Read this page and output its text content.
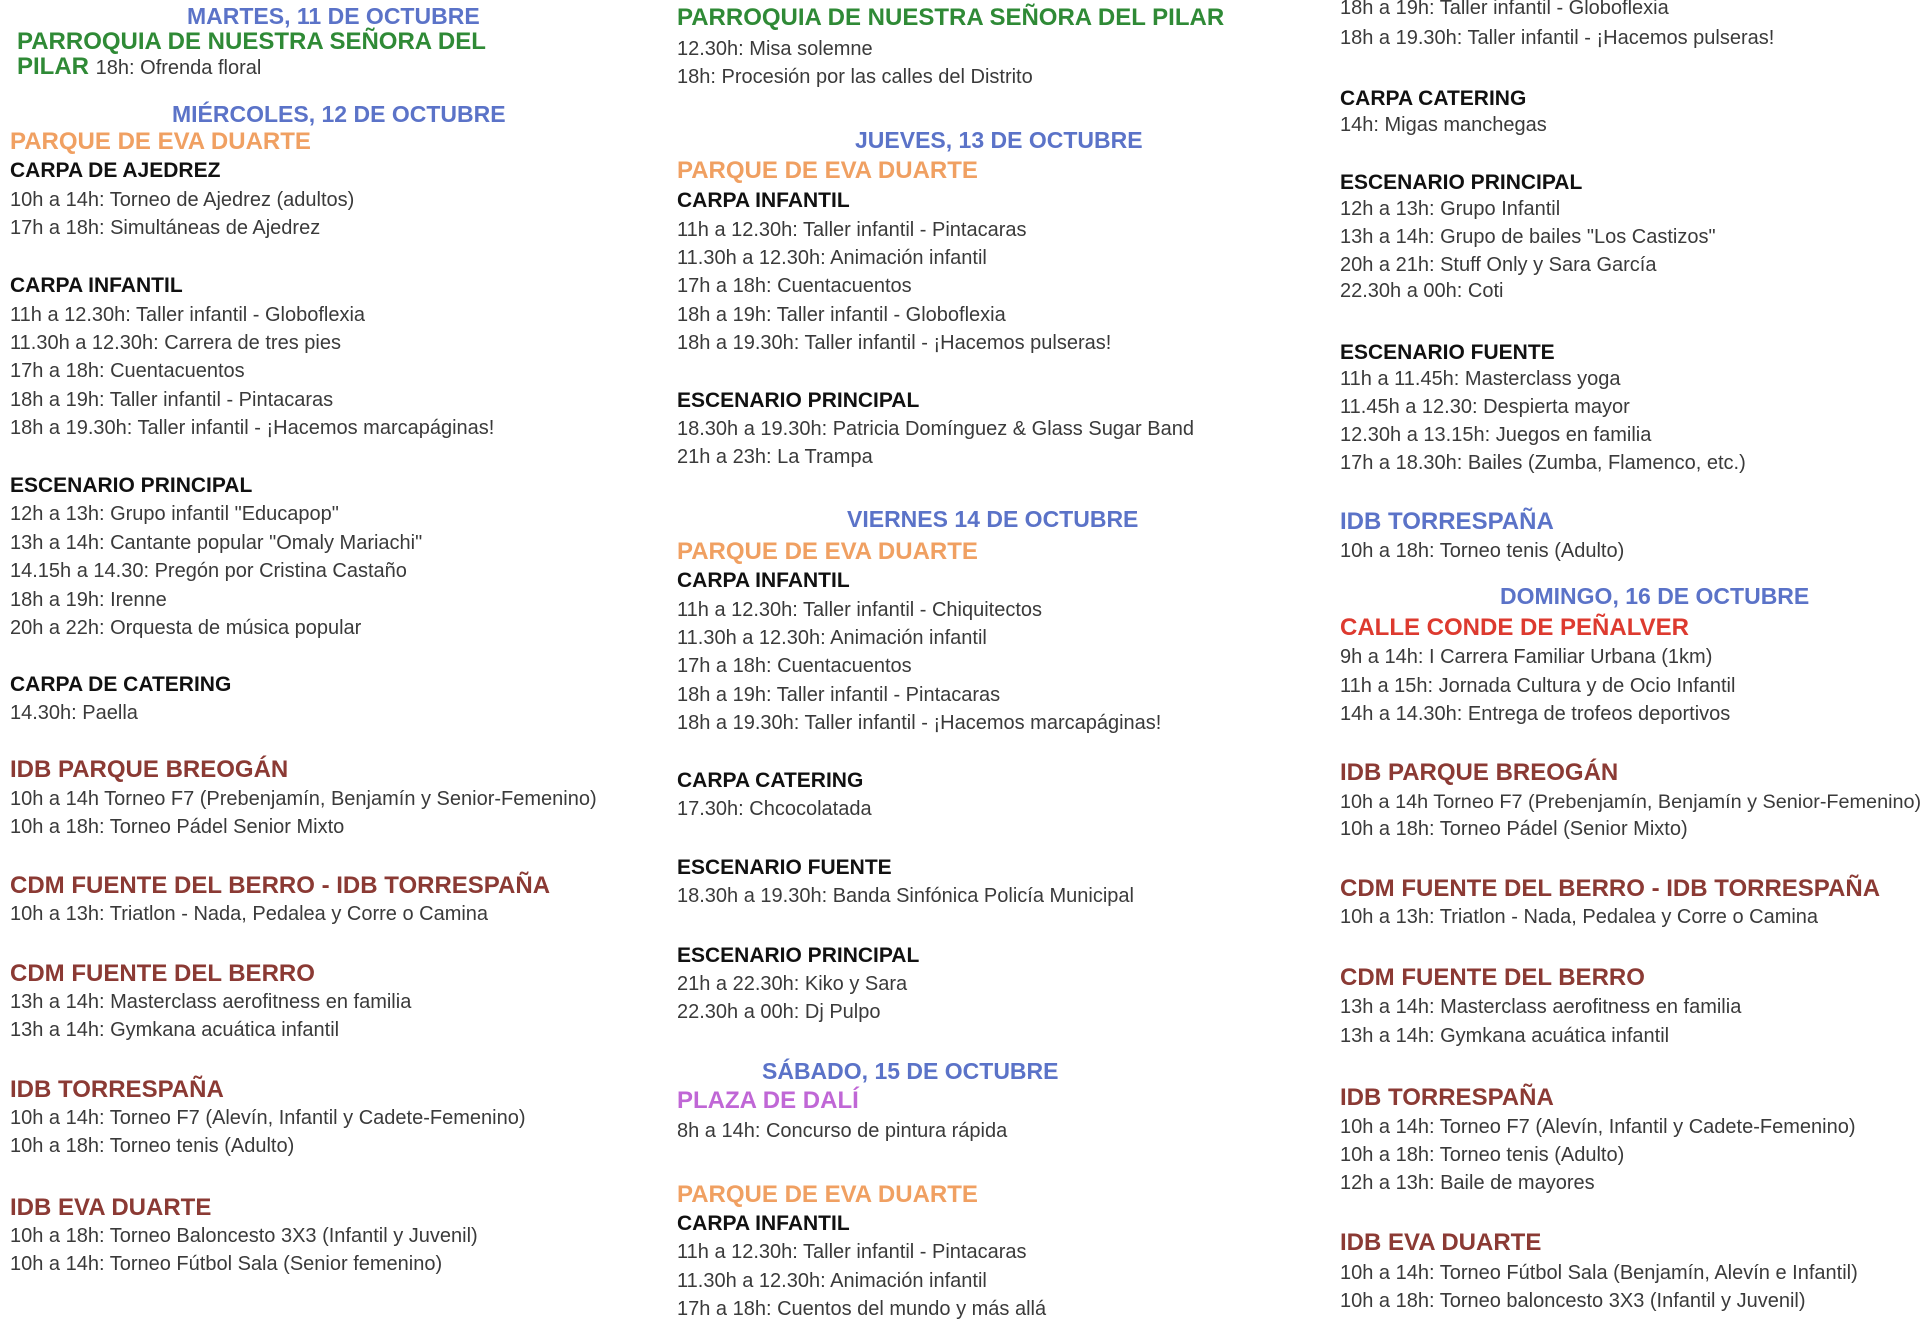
MARTES, 11 DE OCTUBRE
PARROQUIA DE NUESTRA SEÑORA DEL
PILAR 18h: Ofrenda floral
MIÉRCOLES, 12 DE OCTUBRE
PARQUE DE EVA DUARTE
CARPA DE AJEDREZ
10h a 14h: Torneo de Ajedrez (adultos)
17h a 18h: Simultáneas de Ajedrez
CARPA INFANTIL
11h a 12.30h: Taller infantil - Globoflexia
11.30h a 12.30h: Carrera de tres pies
17h a 18h: Cuentacuentos
18h a 19h: Taller infantil - Pintacaras
18h a 19.30h: Taller infantil - ¡Hacemos marcapáginas!
ESCENARIO PRINCIPAL
12h a 13h: Grupo infantil "Educapop"
13h a 14h: Cantante popular "Omaly Mariachi"
14.15h a 14.30: Pregón por Cristina Castaño
18h a 19h: Irenne
20h a 22h: Orquesta de música popular
CARPA DE CATERING
14.30h: Paella
IDB PARQUE BREOGÁN
10h a 14h Torneo F7 (Prebenjamín, Benjamín y Senior-Femenino)
10h a 18h: Torneo Pádel Senior Mixto
CDM FUENTE DEL BERRO - IDB TORRESPAÑA
10h a 13h: Triatlon - Nada, Pedalea y Corre o Camina
CDM FUENTE DEL BERRO
13h a 14h: Masterclass aerofitness en familia
13h a 14h: Gymkana acuática infantil
IDB TORRESPAÑA
10h a 14h: Torneo F7 (Alevín, Infantil y Cadete-Femenino)
10h a 18h: Torneo tenis (Adulto)
IDB EVA DUARTE
10h a 18h: Torneo Baloncesto 3X3 (Infantil y Juvenil)
10h a 14h: Torneo Fútbol Sala (Senior femenino)
PARROQUIA DE NUESTRA SEÑORA DEL PILAR
12.30h: Misa solemne
18h: Procesión por las calles del Distrito
JUEVES, 13 DE OCTUBRE
PARQUE DE EVA DUARTE
CARPA INFANTIL
11h a 12.30h: Taller infantil - Pintacaras
11.30h a 12.30h: Animación infantil
17h a 18h: Cuentacuentos
18h a 19h: Taller infantil - Globoflexia
18h a 19.30h: Taller infantil - ¡Hacemos pulseras!
ESCENARIO PRINCIPAL
18.30h a 19.30h: Patricia Domínguez & Glass Sugar Band
21h a 23h: La Trampa
VIERNES 14 DE OCTUBRE
PARQUE DE EVA DUARTE
CARPA INFANTIL
11h a 12.30h: Taller infantil - Chiquitectos
11.30h a 12.30h: Animación infantil
17h a 18h: Cuentacuentos
18h a 19h: Taller infantil - Pintacaras
18h a 19.30h: Taller infantil - ¡Hacemos marcapáginas!
CARPA CATERING
17.30h: Chcocolatada
ESCENARIO FUENTE
18.30h a 19.30h: Banda Sinfónica Policía Municipal
ESCENARIO PRINCIPAL
21h a 22.30h: Kiko y Sara
22.30h a 00h: Dj Pulpo
SÁBADO, 15 DE OCTUBRE
PLAZA DE DALÍ
8h a 14h: Concurso de pintura rápida
PARQUE DE EVA DUARTE
CARPA INFANTIL
11h a 12.30h: Taller infantil - Pintacaras
11.30h a 12.30h: Animación infantil
17h a 18h: Cuentos del mundo y más allá
18h a 19h: Taller infantil - Globoflexia
18h a 19.30h: Taller infantil - ¡Hacemos pulseras!
CARPA CATERING
14h: Migas manchegas
ESCENARIO PRINCIPAL
12h a 13h: Grupo Infantil
13h a 14h: Grupo de bailes "Los Castizos"
20h a 21h: Stuff Only y Sara García
22.30h a 00h: Coti
ESCENARIO FUENTE
11h a 11.45h: Masterclass yoga
11.45h a 12.30: Despierta mayor
12.30h a 13.15h: Juegos en familia
17h a 18.30h: Bailes (Zumba, Flamenco, etc.)
IDB TORRESPAÑA
10h a 18h: Torneo tenis (Adulto)
DOMINGO, 16 DE OCTUBRE
CALLE CONDE DE PEÑALVER
9h a 14h: I Carrera Familiar Urbana (1km)
11h a 15h: Jornada Cultura y de Ocio Infantil
14h a 14.30h: Entrega de trofeos deportivos
IDB PARQUE BREOGÁN
10h a 14h Torneo F7 (Prebenjamín, Benjamín y Senior-Femenino)
10h a 18h: Torneo Pádel (Senior Mixto)
CDM FUENTE DEL BERRO - IDB TORRESPAÑA
10h a 13h: Triatlon - Nada, Pedalea y Corre o Camina
CDM FUENTE DEL BERRO
13h a 14h: Masterclass aerofitness en familia
13h a 14h: Gymkana acuática infantil
IDB TORRESPAÑA
10h a 14h: Torneo F7 (Alevín, Infantil y Cadete-Femenino)
10h a 18h: Torneo tenis (Adulto)
12h a 13h: Baile de mayores
IDB EVA DUARTE
10h a 14h: Torneo Fútbol Sala (Benjamín, Alevín e Infantil)
10h a 18h: Torneo baloncesto 3X3 (Infantil y Juvenil)
